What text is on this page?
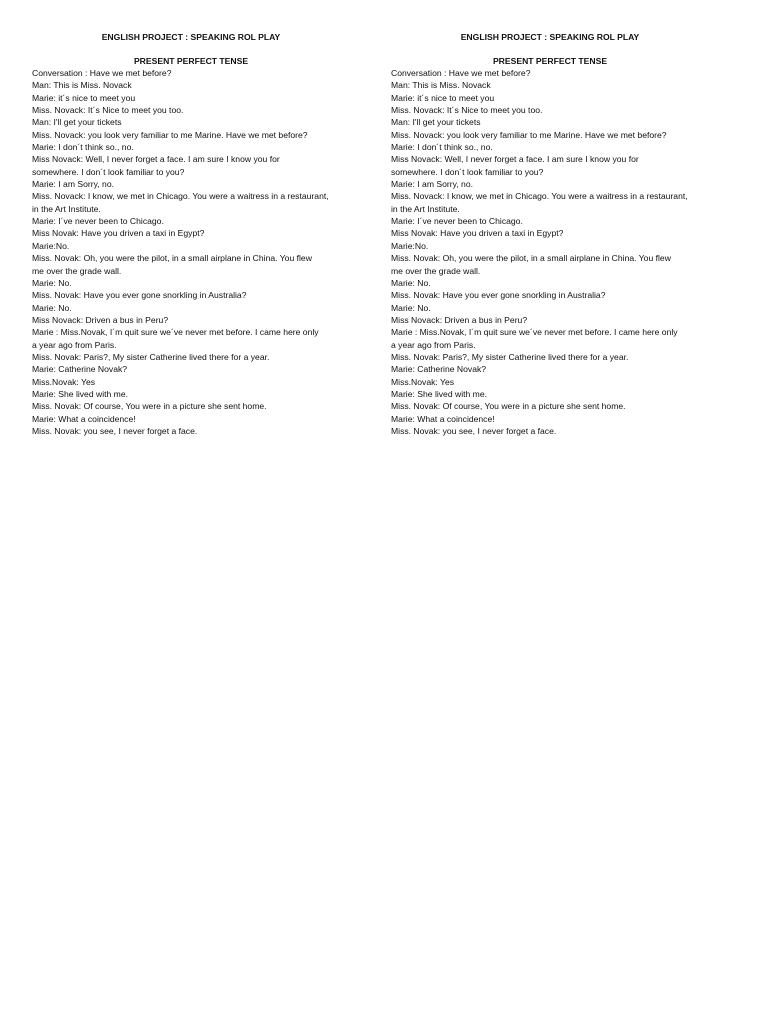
ENGLISH PROJECT : SPEAKING ROL PLAY
PRESENT PERFECT TENSE
Conversation : Have we met before?
Man: This is Miss. Novack
Marie: it´s nice to meet you
Miss. Novack: It´s Nice to meet you too.
Man: I'll get your tickets
Miss. Novack: you look very familiar to me Marine. Have we met before?
Marie: I don´t think so., no.
Miss Novack: Well, I never forget a face. I am sure I know you for
somewhere. I don´t look familiar to you?
Marie: I am Sorry, no.
Miss. Novack: I know, we met in Chicago. You were a waitress in a restaurant,
in the Art Institute.
Marie: I´ve never been to Chicago.
Miss Novak: Have you driven a taxi in Egypt?
Marie:No.
Miss. Novak: Oh, you were the pilot, in a small airplane in China. You flew
me over the grade wall.
Marie: No.
Miss. Novak: Have you ever gone snorkling in Australia?
Marie: No.
Miss Novack: Driven a bus in Peru?
Marie : Miss.Novak, I´m quit sure we´ve never met before. I came here only
a year ago from Paris.
Miss. Novak: Paris?, My sister Catherine lived there for a year.
Marie: Catherine Novak?
Miss.Novak: Yes
Marie: She lived with me.
Miss. Novak: Of course, You were in a picture she sent home.
Marie: What a coincidence!
Miss. Novak: you see, I never forget a face.
ENGLISH PROJECT : SPEAKING ROL PLAY
PRESENT PERFECT TENSE
Conversation : Have we met before?
Man: This is Miss. Novack
Marie: it´s nice to meet you
Miss. Novack: It´s Nice to meet you too.
Man: I'll get your tickets
Miss. Novack: you look very familiar to me Marine. Have we met before?
Marie: I don´t think so., no.
Miss Novack: Well, I never forget a face. I am sure I know you for
somewhere. I don´t look familiar to you?
Marie: I am Sorry, no.
Miss. Novack: I know, we met in Chicago. You were a waitress in a restaurant,
in the Art Institute.
Marie: I´ve never been to Chicago.
Miss Novak: Have you driven a taxi in Egypt?
Marie:No.
Miss. Novak: Oh, you were the pilot, in a small airplane in China. You flew
me over the grade wall.
Marie: No.
Miss. Novak: Have you ever gone snorkling in Australia?
Marie: No.
Miss Novack: Driven a bus in Peru?
Marie : Miss.Novak, I´m quit sure we´ve never met before. I came here only
a year ago from Paris.
Miss. Novak: Paris?, My sister Catherine lived there for a year.
Marie: Catherine Novak?
Miss.Novak: Yes
Marie: She lived with me.
Miss. Novak: Of course, You were in a picture she sent home.
Marie: What a coincidence!
Miss. Novak: you see, I never forget a face.
